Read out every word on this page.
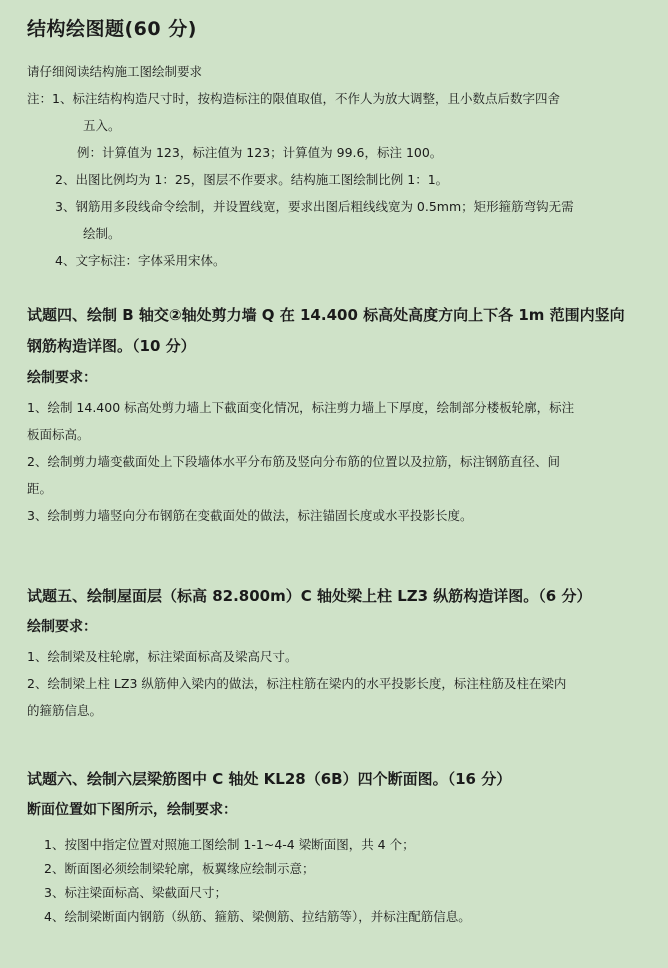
结构绘图题(60 分)
请仔细阅读结构施工图绘制要求
注：1、标注结构构造尺寸时，按构造标注的限值取值，不作人为放大调整，且小数点后数字四舍
五入。
例：计算值为 123，标注值为 123；计算值为 99.6，标注 100。
2、出图比例均为 1：25，图层不作要求。结构施工图绘制比例 1：1。
3、钢筋用多段线命令绘制，并设置线宽，要求出图后粗线线宽为 0.5mm；矩形箍筋弯钩无需
绘制。
4、文字标注：字体采用宋体。
试题四、绘制 B 轴交②轴处剪力墙 Q 在 14.400 标高处高度方向上下各 1m 范围内竖向
钢筋构造详图。（10 分）
绘制要求：
1、绘制 14.400 标高处剪力墙上下截面变化情况，标注剪力墙上下厚度，绘制部分楼板轮廓，标注
板面标高。
2、绘制剪力墙变截面处上下段墙体水平分布筋及竖向分布筋的位置以及拉筋，标注钢筋直径、间
距。
3、绘制剪力墙竖向分布钢筋在变截面处的做法，标注锚固长度或水平投影长度。
试题五、绘制屋面层（标高 82.800m）C 轴处梁上柱 LZ3 纵筋构造详图。（6 分）
绘制要求：
1、绘制梁及柱轮廓，标注梁面标高及梁高尺寸。
2、绘制梁上柱 LZ3 纵筋伸入梁内的做法，标注柱筋在梁内的水平投影长度，标注柱筋及柱在梁内
的箍筋信息。
试题六、绘制六层梁筋图中 C 轴处 KL28（6B）四个断面图。（16 分）
断面位置如下图所示，绘制要求：
1、按图中指定位置对照施工图绘制 1-1~4-4 梁断面图，共 4 个；
2、断面图必须绘制梁轮廓，板翼缘应绘制示意；
3、标注梁面标高、梁截面尺寸；
4、绘制梁断面内钢筋（纵筋、箍筋、梁侧筋、拉结筋等），并标注配筋信息。
